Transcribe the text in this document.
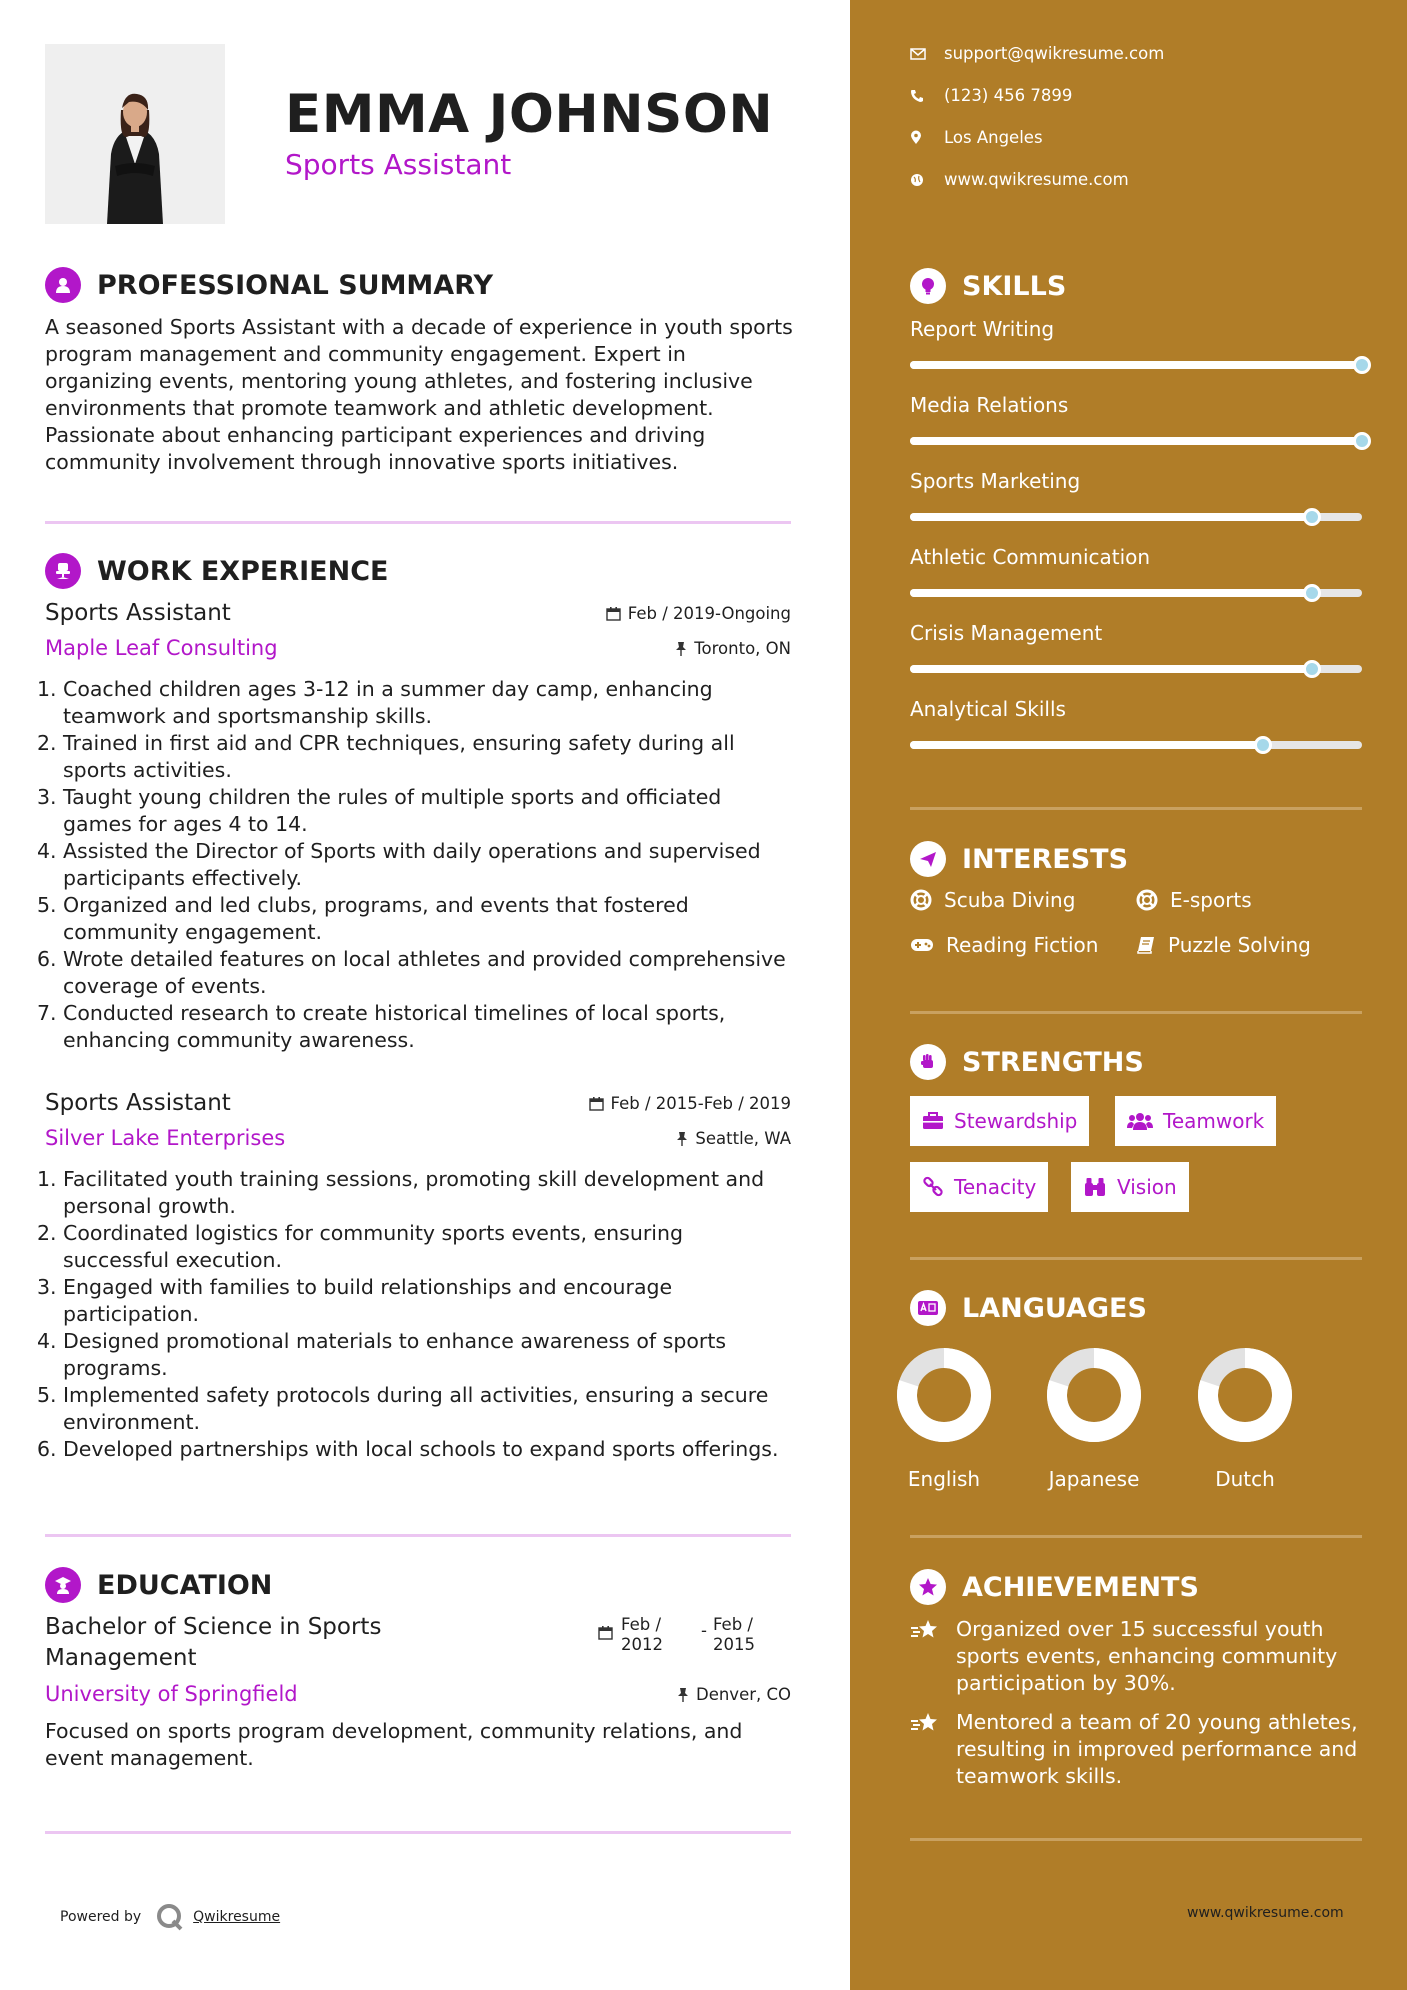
EMMA JOHNSON
Sports Assistant
PROFESSIONAL SUMMARY

A seasoned Sports Assistant with a decade of experience in youth sports program management and community engagement. Expert in organizing events, mentoring young athletes, and fostering inclusive environments that promote teamwork and athletic development. Passionate about enhancing participant experiences and driving community involvement through innovative sports initiatives.

WORK EXPERIENCE
Sports Assistant	Feb / 2019-Ongoing
Maple Leaf Consulting	Toronto, ON
1. Coached children ages 3-12 in a summer day camp, enhancing teamwork and sportsmanship skills.
2. Trained in first aid and CPR techniques, ensuring safety during all sports activities.
3. Taught young children the rules of multiple sports and officiated games for ages 4 to 14.
4. Assisted the Director of Sports with daily operations and supervised participants effectively.
5. Organized and led clubs, programs, and events that fostered community engagement.
6. Wrote detailed features on local athletes and provided comprehensive coverage of events.
7. Conducted research to create historical timelines of local sports, enhancing community awareness.
Sports Assistant	Feb / 2015-Feb / 2019
Silver Lake Enterprises	Seattle, WA
1. Facilitated youth training sessions, promoting skill development and personal growth.
2. Coordinated logistics for community sports events, ensuring successful execution.
3. Engaged with families to build relationships and encourage participation.
4. Designed promotional materials to enhance awareness of sports programs.
5. Implemented safety protocols during all activities, ensuring a secure environment.
6. Developed partnerships with local schools to expand sports offerings.
EDUCATION
Bachelor of Science in Sports Management
Feb / 2012
- Feb / 2015
University of Springfield	Denver, CO

Focused on sports program development, community relations, and event management.

Powered by	Qwikresume
support@qwikresume.com
(123) 456 7899
Los Angeles
www.qwikresume.com
SKILLS
Report Writing
Media Relations
Sports Marketing
Athletic Communication
Crisis Management
Analytical Skills
INTERESTS
Scuba Diving	E-sports
Reading Fiction	Puzzle Solving
STRENGTHS
Stewardship	Teamwork
Tenacity	Vision
LANGUAGES
English	Japanese	Dutch
ACHIEVEMENTS
Organized over 15 successful youth sports events, enhancing community participation by 30%.
Mentored a team of 20 young athletes, resulting in improved performance and teamwork skills.
www.qwikresume.com
